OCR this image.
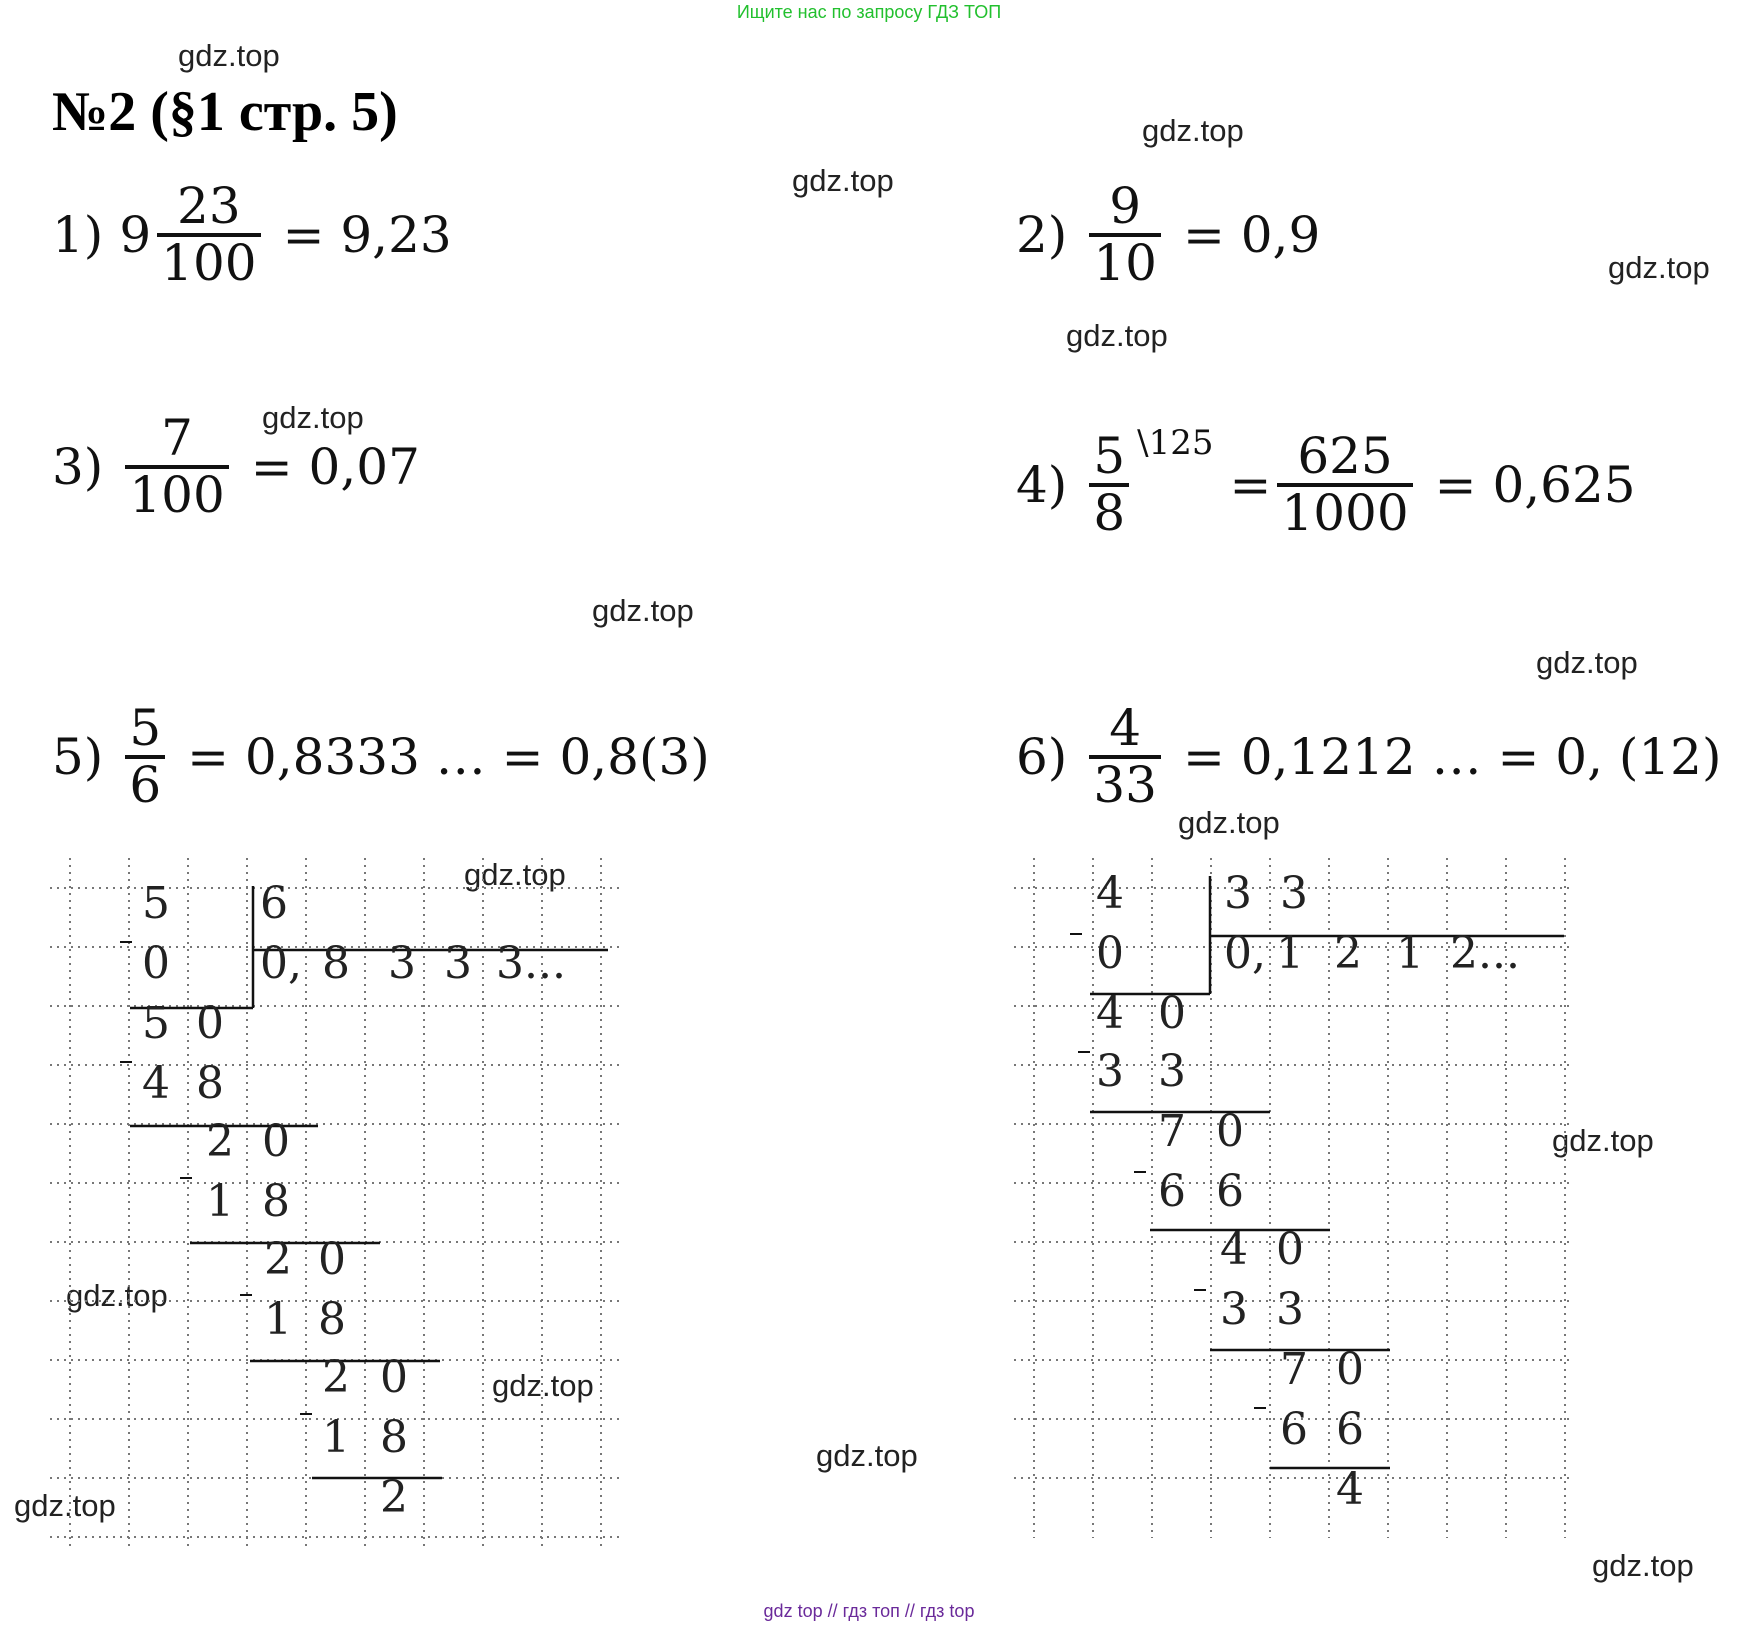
Ищите нас по запросу ГДЗ ТОП
№2 (§1 стр. 5)
gdz.top
gdz.top
gdz.top
gdz.top
gdz.top
gdz.top
gdz.top
gdz.top
gdz.top
gdz.top
gdz.top
gdz.top
gdz.top
gdz.top
gdz.top
gdz.top
1) $9 \frac{23}{100} = 9,23$	$2) \frac{9}{10} = 0,9$
$3) \frac{7}{100} = 0,07$	$4) \frac{5}{8}$ \125
= $\frac{625}{1000} = 0,625$
$5) \frac{5}{6} = 0,8333$ … = 0,8(3)	$6) \frac{4}{33} = 0,1212$ … = 0, (12)
5 6
0, 8 3 3 3...
0
5 0
4 8
2 0
1 8
2 0
1 8
2 0
1 8
2
4 3 3
0, 1 2 1 2...
0
4 0
3 3
7 0
6 6
4 0
3 3
7 0
6 6
4
gdz top // гдз топ // гдз top
